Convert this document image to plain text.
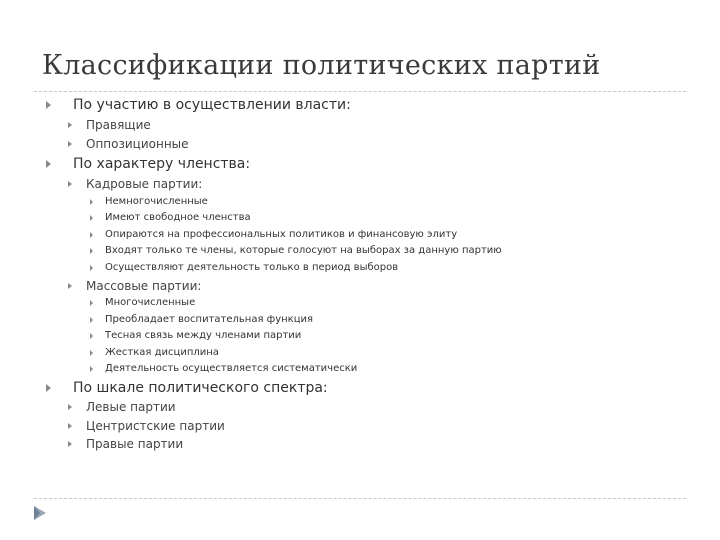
Классификации политических партий
По участию в осуществлении власти:
Правящие
Оппозиционные
По характеру членства:
Кадровые партии:
Немногочисленные
Имеют свободное членства
Опираются на профессиональных политиков и финансовую элиту
Входят только те члены, которые голосуют на выборах за данную партию
Осуществляют деятельность только в период выборов
Массовые партии:
Многочисленные
Преобладает воспитательная функция
Тесная связь между членами партии
Жесткая дисциплина
Деятельность осуществляется систематически
По шкале политического спектра:
Левые партии
Центристские партии
Правые партии
